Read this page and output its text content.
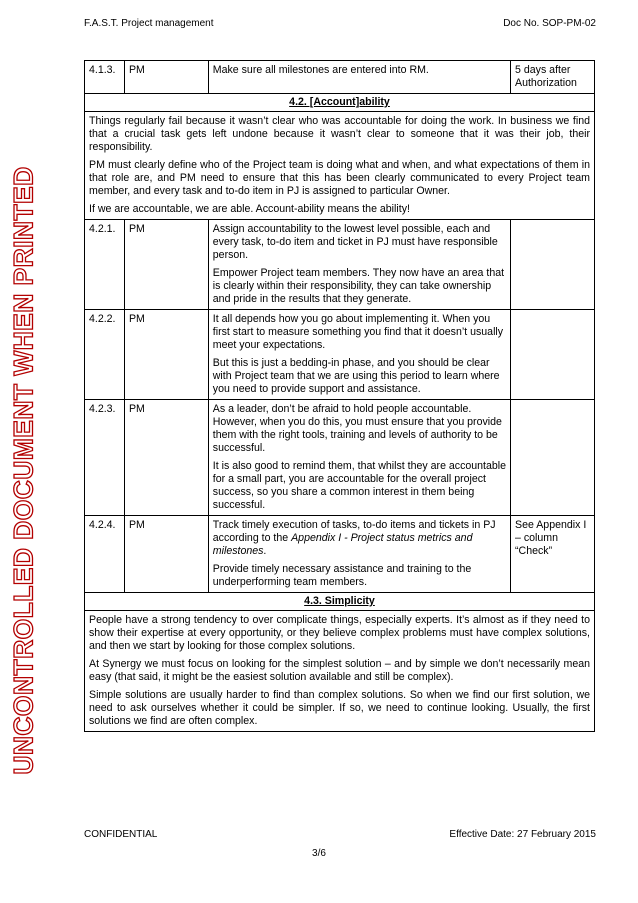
F.A.S.T. Project management	Doc No. SOP-PM-02
UNCONTROLLED DOCUMENT WHEN PRINTED
4.1.3.	PM	Make sure all milestones are entered into RM.	5 days after Authorization
4.2. [Account]ability			

Things regularly fail because it wasn’t clear who was accountable for doing the work. In business we find that a crucial task gets left undone because it wasn’t clear to someone that it was their job, their responsibility.

PM must clearly define who of the Project team is doing what and when, and what expectations of them in that role are, and PM need to ensure that this has been clearly communicated to every Project team member, and every task and to-do item in PJ is assigned to particular Owner.

If we are accountable, we are able. Account-ability means the ability!			

4.2.1.	PM	Assign accountability to the lowest level possible, each and every task, to-do item and ticket in PJ must have responsible person.

Empower Project team members. They now have an area that is clearly within their responsibility, they can take ownership and pride in the results that they generate.	

4.2.2.	PM	It all depends how you go about implementing it. When you first start to measure something you find that it doesn’t usually meet your expectations.

But this is just a bedding-in phase, and you should be clear with Project team that we are using this period to learn where you need to provide support and assistance.	

4.2.3.	PM	As a leader, don’t be afraid to hold people accountable. However, when you do this, you must ensure that you provide them with the right tools, training and levels of authority to be successful.

It is also good to remind them, that whilst they are accountable for a small part, you are accountable for the overall project success, so you share a common interest in them being successful.	

4.2.4.	PM	Track timely execution of tasks, to-do items and tickets in PJ according to the Appendix I - Project status metrics and milestones.

Provide timely necessary assistance and training to the underperforming team members.	See Appendix I – column “Check”
4.3. Simplicity			

People have a strong tendency to over complicate things, especially experts. It’s almost as if they need to show their expertise at every opportunity, or they believe complex problems must have complex solutions, and then we start by looking for those complex solutions.

At Synergy we must focus on looking for the simplest solution – and by simple we don’t necessarily mean easy (that said, it might be the easiest solution available and still be complex).

Simple solutions are usually harder to find than complex solutions. So when we find our first solution, we need to ask ourselves whether it could be simpler. If so, we need to continue looking. Usually, the first solutions we find are often complex.			

CONFIDENTIAL	Effective Date: 27 February 2015
3/6
